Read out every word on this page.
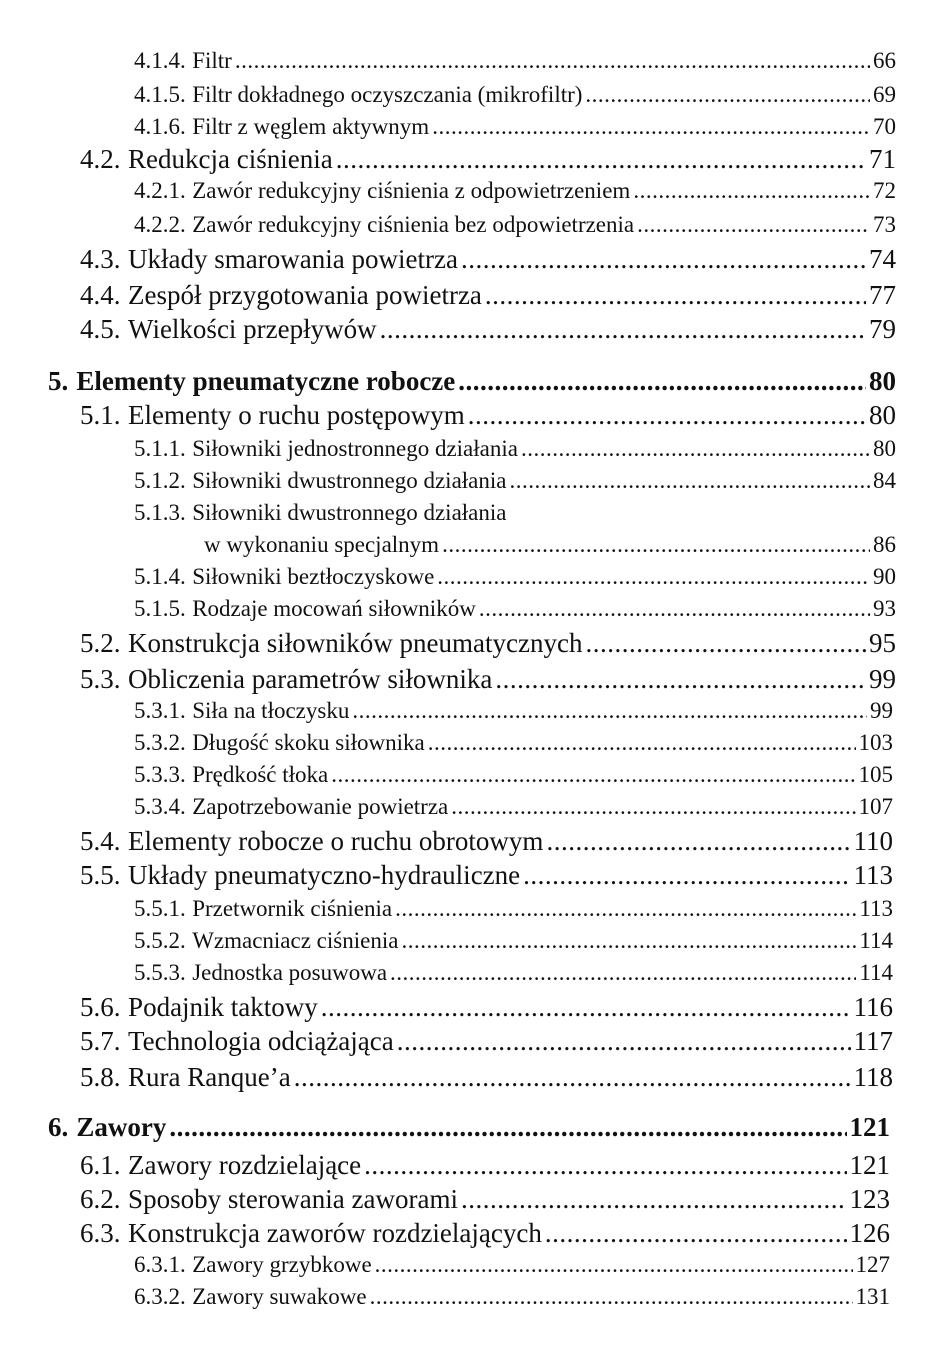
4.1.4. Filtr .....	66
4.1.5. Filtr dokładnego oczyszczania (mikrofiltr) .....	69
4.1.6. Filtr z węglem aktywnym .....	70
4.2. Redukcja ciśnienia .....	71
4.2.1. Zawór redukcyjny ciśnienia z odpowietrzeniem .....	72
4.2.2. Zawór redukcyjny ciśnienia bez odpowietrzenia .....	73
4.3. Układy smarowania powietrza .....	74
4.4. Zespół przygotowania powietrza .....	77
4.5. Wielkości przepływów .....	79
5. Elementy pneumatyczne robocze .....	80
5.1. Elementy o ruchu postępowym .....	80
5.1.1. Siłowniki jednostronnego działania .....	80
5.1.2. Siłowniki dwustronnego działania .....	84
5.1.3. Siłowniki dwustronnego działania
w wykonaniu specjalnym .....	86
5.1.4. Siłowniki beztłoczyskowe .....	90
5.1.5. Rodzaje mocowań siłowników .....	93
5.2. Konstrukcja siłowników pneumatycznych .....	95
5.3. Obliczenia parametrów siłownika .....	99
5.3.1. Siła na tłoczysku .....	99
5.3.2. Długość skoku siłownika .....	103
5.3.3. Prędkość tłoka .....	105
5.3.4. Zapotrzebowanie powietrza .....	107
5.4. Elementy robocze o ruchu obrotowym .....	110
5.5. Układy pneumatyczno-hydrauliczne .....	113
5.5.1. Przetwornik ciśnienia .....	113
5.5.2. Wzmacniacz ciśnienia .....	114
5.5.3. Jednostka posuwowa .....	114
5.6. Podajnik taktowy .....	116
5.7. Technologia odciążająca .....	117
5.8. Rura Ranque’a .....	118
6. Zawory .....	121
6.1. Zawory rozdzielające .....	121
6.2. Sposoby sterowania zaworami .....	123
6.3. Konstrukcja zaworów rozdzielających .....	126
6.3.1. Zawory grzybkowe .....	127
6.3.2. Zawory suwakowe .....	131
